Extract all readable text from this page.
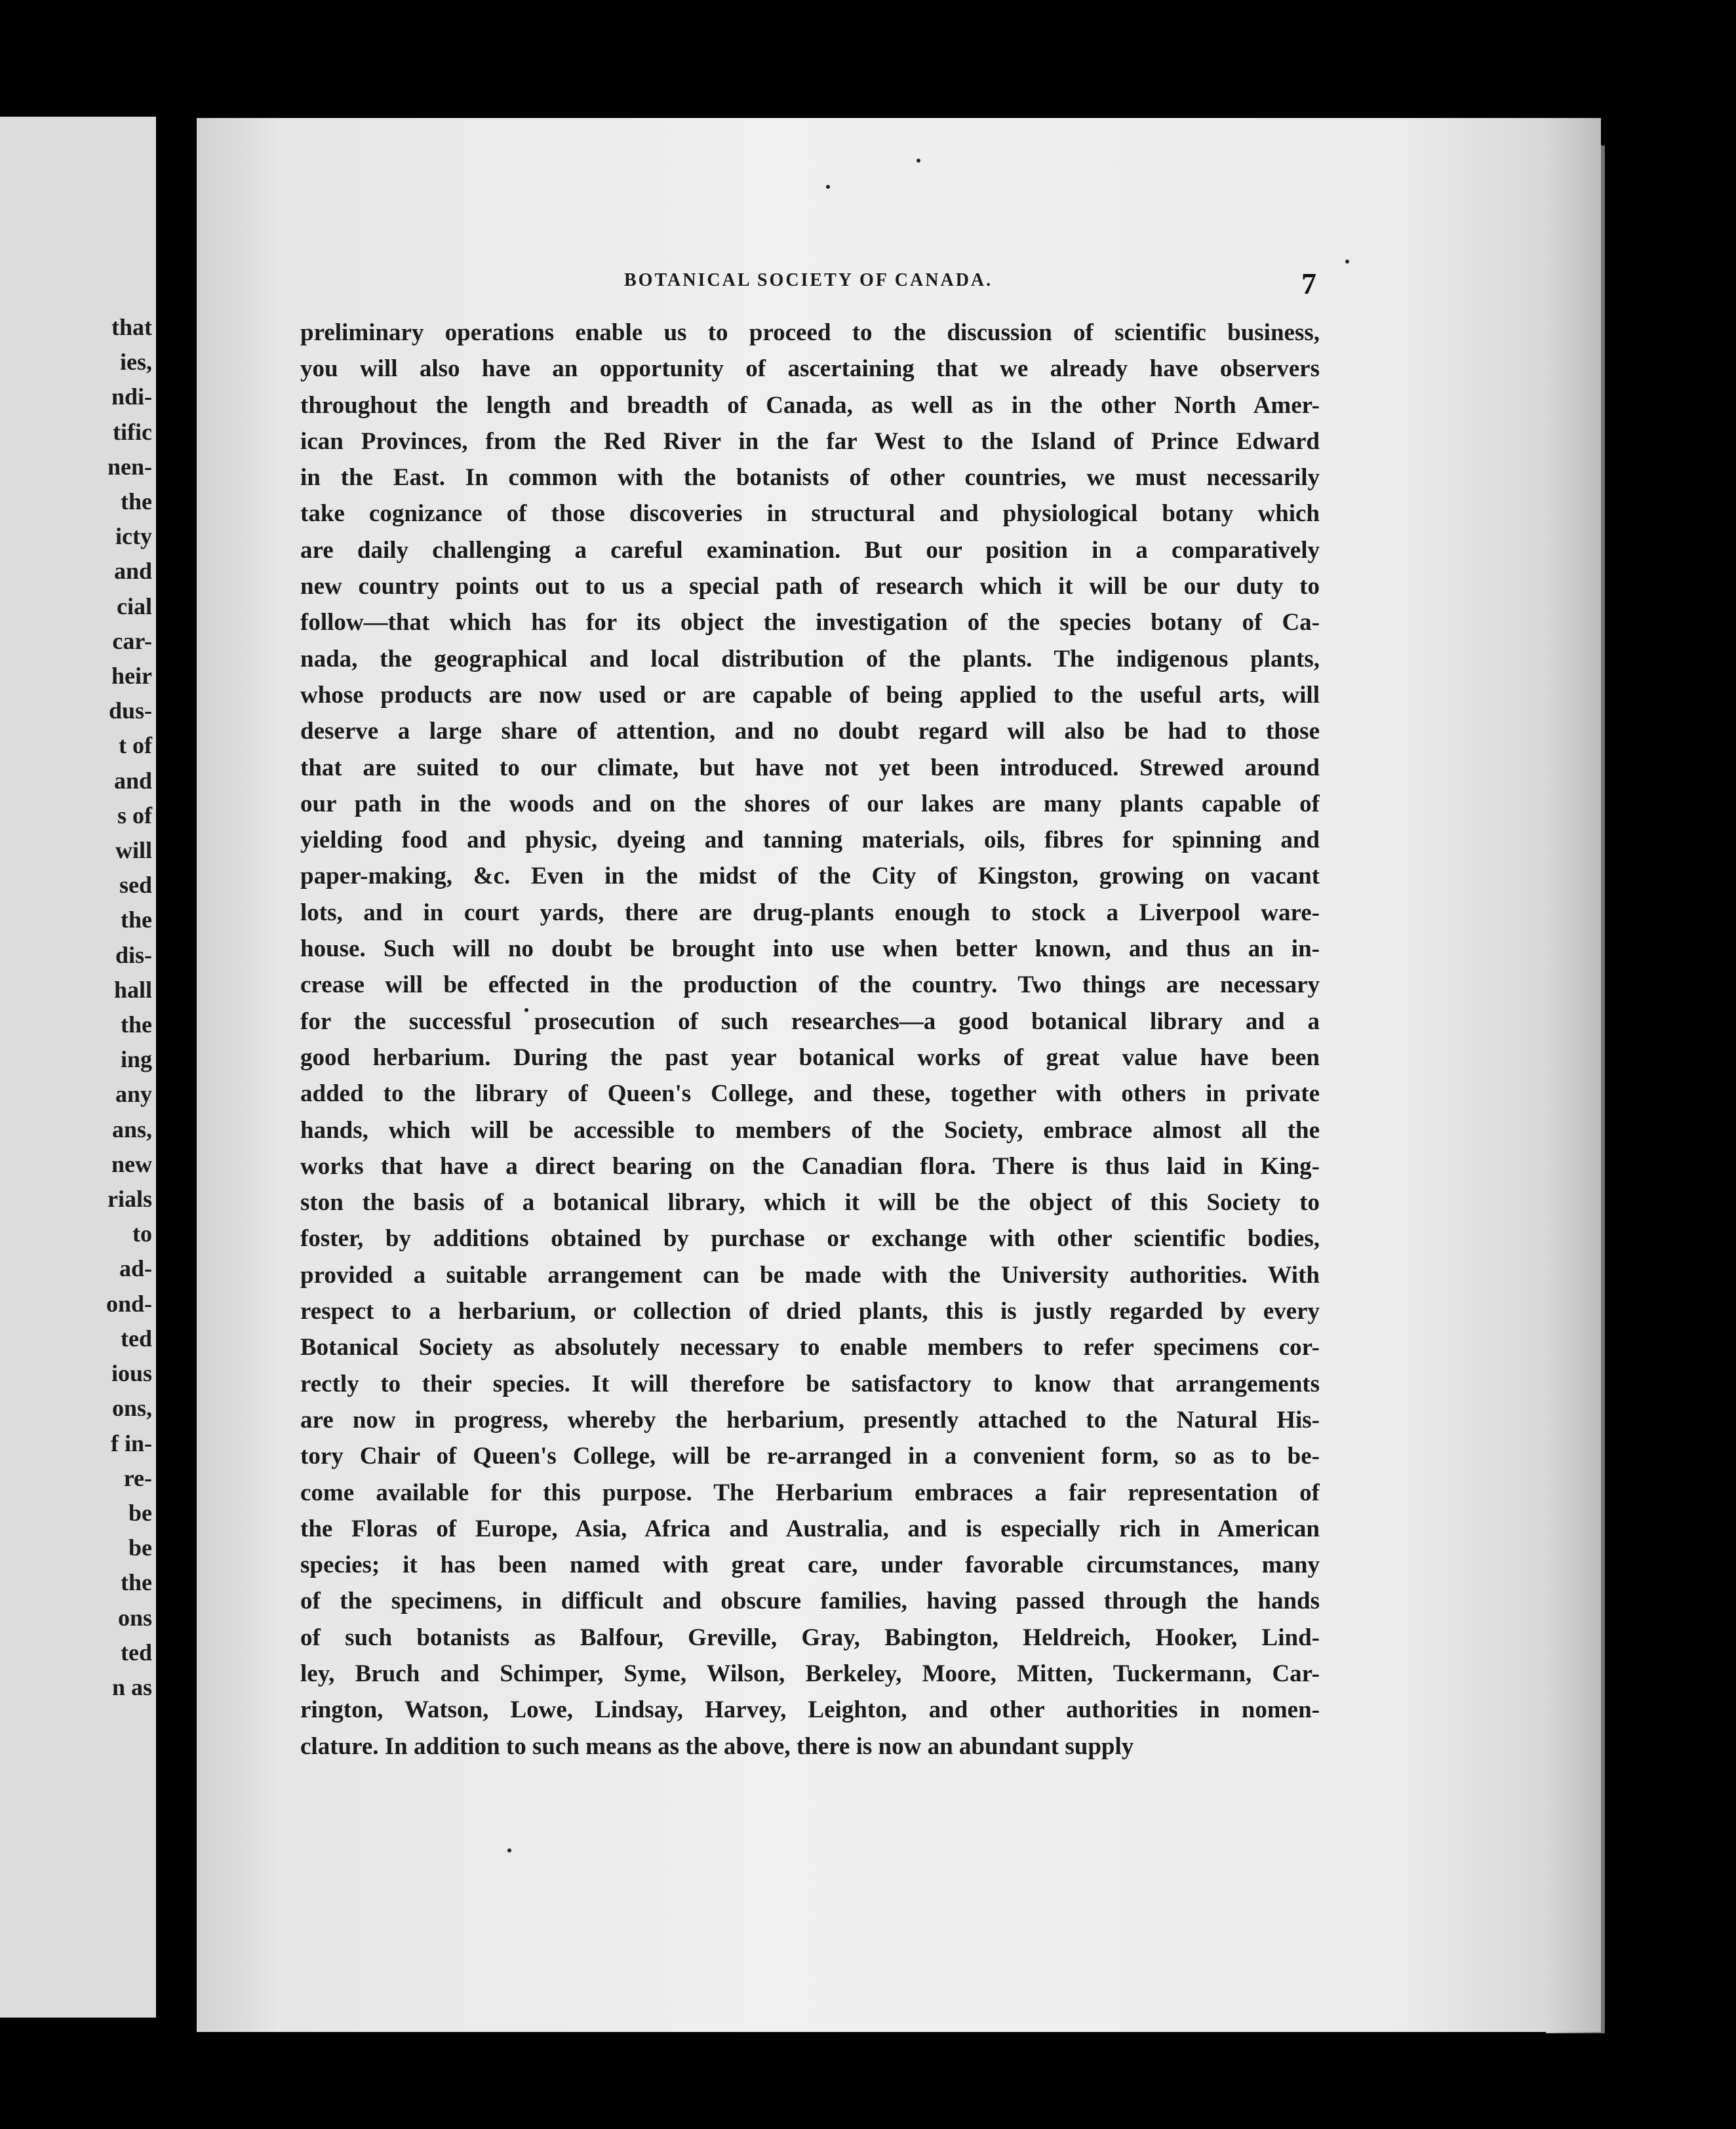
that
ies,
ndi-
tific
nen-
the
icty
and
cial
car-
heir
dus-
t of
and
s of
will
sed
the
dis-
hall
the
ing
any
ans,
new
rials
to
ad-
ond-
ted
ious
ons,
f in-
re-
be
be
the
ons
ted
n as
BOTANICAL SOCIETY OF CANADA.	7
preliminary operations enable us to proceed to the discussion of scientific business,
you will also have an opportunity of ascertaining that we already have observers
throughout the length and breadth of Canada, as well as in the other North Amer-
ican Provinces, from the Red River in the far West to the Island of Prince Edward
in the East. In common with the botanists of other countries, we must necessarily
take cognizance of those discoveries in structural and physiological botany which
are daily challenging a careful examination. But our position in a comparatively
new country points out to us a special path of research which it will be our duty to
follow—that which has for its object the investigation of the species botany of Ca-
nada, the geographical and local distribution of the plants. The indigenous plants,
whose products are now used or are capable of being applied to the useful arts, will
deserve a large share of attention, and no doubt regard will also be had to those
that are suited to our climate, but have not yet been introduced. Strewed around
our path in the woods and on the shores of our lakes are many plants capable of
yielding food and physic, dyeing and tanning materials, oils, fibres for spinning and
paper-making, &c. Even in the midst of the City of Kingston, growing on vacant
lots, and in court yards, there are drug-plants enough to stock a Liverpool ware-
house. Such will no doubt be brought into use when better known, and thus an in-
crease will be effected in the production of the country. Two things are necessary
for the successful prosecution of such researches—a good botanical library and a
good herbarium. During the past year botanical works of great value have been
added to the library of Queen's College, and these, together with others in private
hands, which will be accessible to members of the Society, embrace almost all the
works that have a direct bearing on the Canadian flora. There is thus laid in King-
ston the basis of a botanical library, which it will be the object of this Society to
foster, by additions obtained by purchase or exchange with other scientific bodies,
provided a suitable arrangement can be made with the University authorities. With
respect to a herbarium, or collection of dried plants, this is justly regarded by every
Botanical Society as absolutely necessary to enable members to refer specimens cor-
rectly to their species. It will therefore be satisfactory to know that arrangements
are now in progress, whereby the herbarium, presently attached to the Natural His-
tory Chair of Queen's College, will be re-arranged in a convenient form, so as to be-
come available for this purpose. The Herbarium embraces a fair representation of
the Floras of Europe, Asia, Africa and Australia, and is especially rich in American
species; it has been named with great care, under favorable circumstances, many
of the specimens, in difficult and obscure families, having passed through the hands
of such botanists as Balfour, Greville, Gray, Babington, Heldreich, Hooker, Lind-
ley, Bruch and Schimper, Syme, Wilson, Berkeley, Moore, Mitten, Tuckermann, Car-
rington, Watson, Lowe, Lindsay, Harvey, Leighton, and other authorities in nomen-
clature. In addition to such means as the above, there is now an abundant supply
